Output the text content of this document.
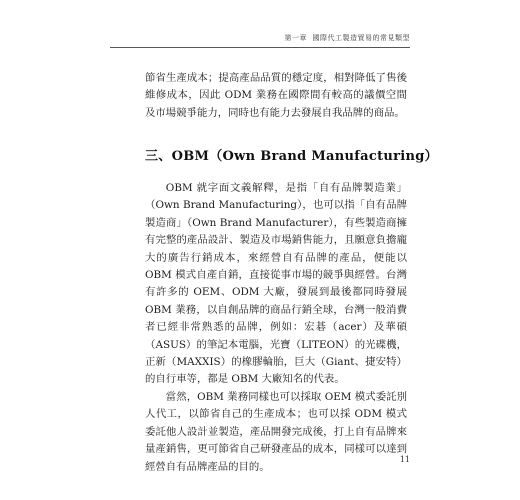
第一章 國際代工製造貿易的常見類型

節省生產成本；提高產品品質的穩定度，相對降低了售後維修成本，因此 ODM 業務在國際間有較高的議價空間及市場競爭能力，同時也有能力去發展自我品牌的商品。

三、OBM（Own Brand Manufacturing）

OBM 就字面文義解釋，是指「自有品牌製造業」（Own Brand Manufacturing），也可以指「自有品牌製造商」（Own Brand Manufacturer），有些製造商擁有完整的產品設計、製造及市場銷售能力，且願意負擔龐大的廣告行銷成本，來經營自有品牌的產品，便能以 OBM 模式自產自銷，直接從事市場的競爭與經營。台灣有許多的 OEM、ODM 大廠，發展到最後都同時發展 OBM 業務，以自創品牌的商品行銷全球，台灣一般消費者已經非常熟悉的品牌，例如：宏碁（acer）及華碩（ASUS）的筆記本電腦，光寶（LITEON）的光碟機，正新（MAXXIS）的橡膠輪胎，巨大（Giant、捷安特）的自行車等，都是 OBM 大廠知名的代表。

當然，OBM 業務同樣也可以採取 OEM 模式委託別人代工，以節省自己的生產成本；也可以採 ODM 模式委託他人設計並製造，產品開發完成後，打上自有品牌來量產銷售，更可節省自己研發產品的成本，同樣可以達到經營自有品牌產品的目的。

11
